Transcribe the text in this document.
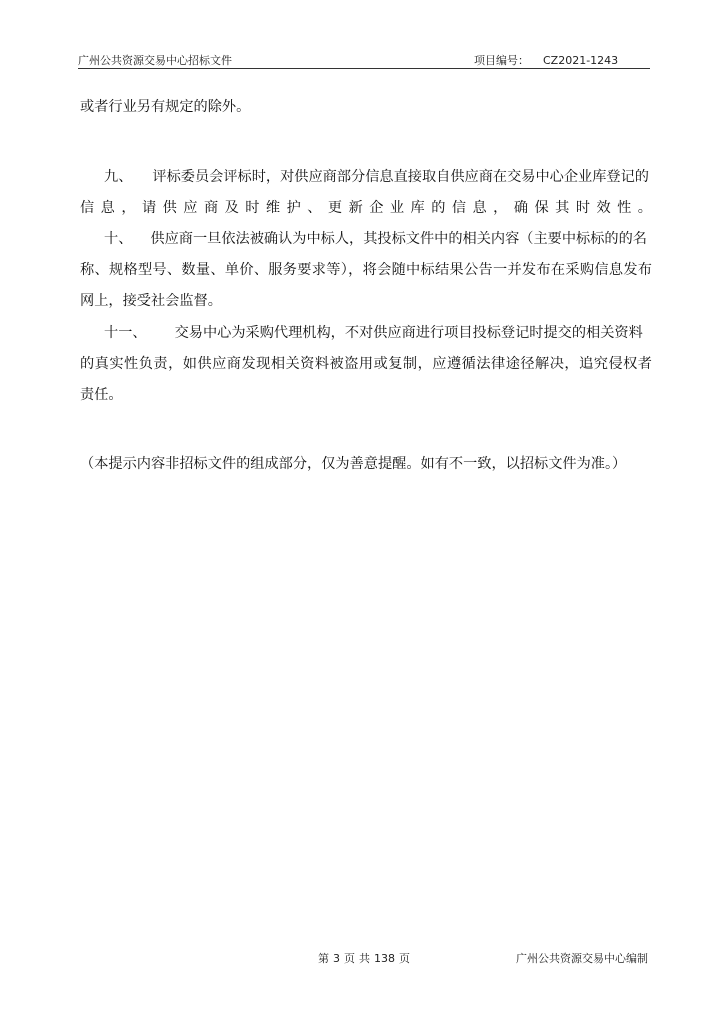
广州公共资源交易中心招标文件	项目编号： CZ2021-1243
或者行业另有规定的除外。
九、 评标委员会评标时，对供应商部分信息直接取自供应商在交易中心企业库登记的
信息，请供应商及时维护、更新企业库的信息，确保其时效性。
十、 供应商一旦依法被确认为中标人，其投标文件中的相关内容（主要中标标的的名
称、规格型号、数量、单价、服务要求等），将会随中标结果公告一并发布在采购信息发布
网上，接受社会监督。
十一、 交易中心为采购代理机构，不对供应商进行项目投标登记时提交的相关资料
的真实性负责，如供应商发现相关资料被盗用或复制，应遵循法律途径解决，追究侵权者
责任。
（本提示内容非招标文件的组成部分，仅为善意提醒。如有不一致，以招标文件为准。）
第 3 页 共 138 页	广州公共资源交易中心编制
